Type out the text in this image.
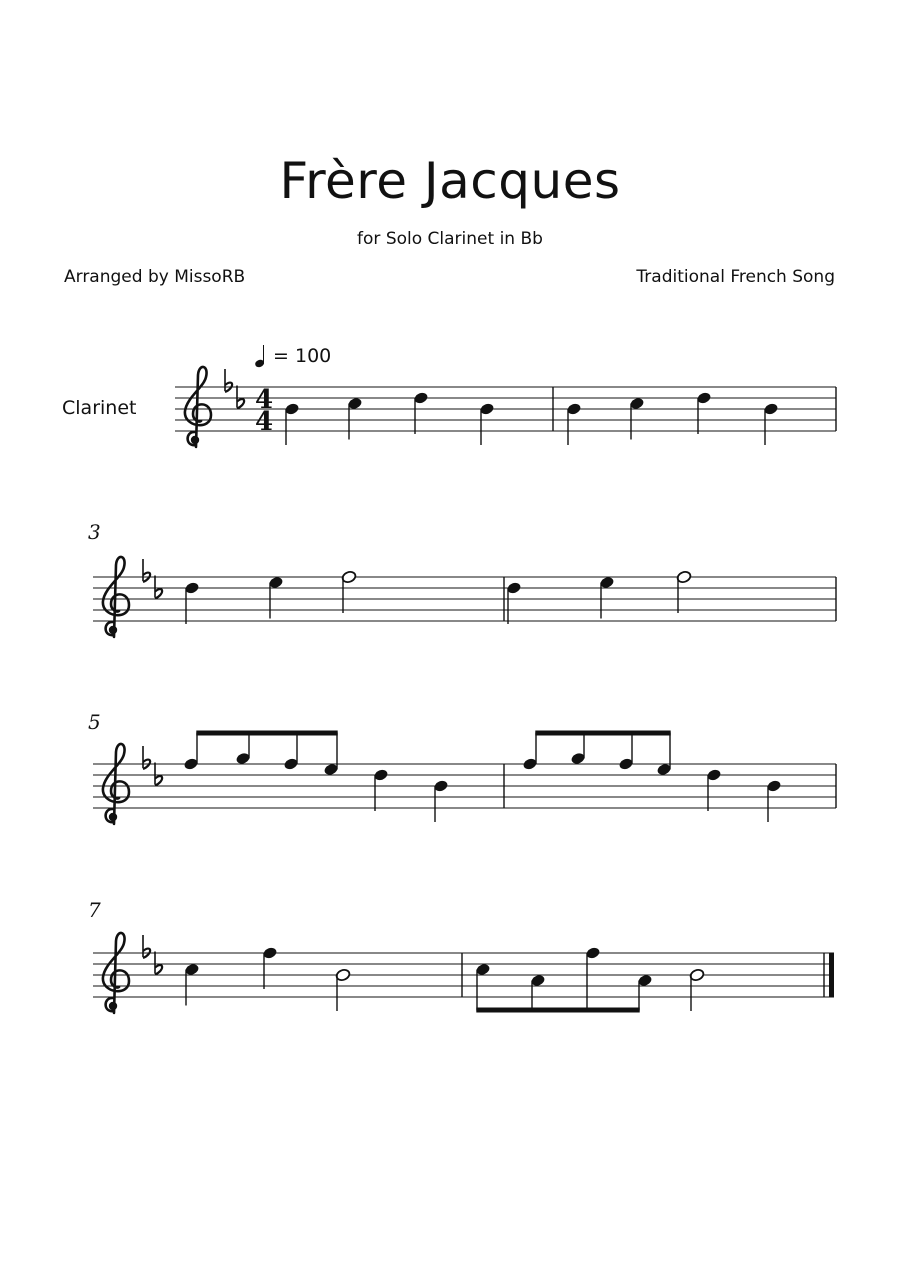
Frère Jacques
for Solo Clarinet in Bb
Arranged by MissoRB	Traditional French Song
= 100
Clarinet
3
5
7
4
4
